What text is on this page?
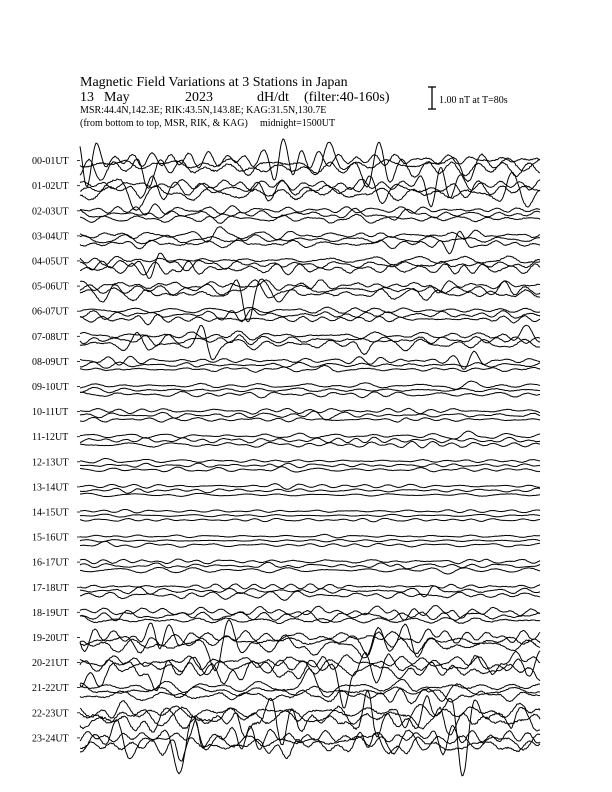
Magnetic Field Variations at 3 Stations in Japan
13 May	2023	dH/dt (filter:40-160s)
MSR:44.4N,142.3E; RIK:43.5N,143.8E; KAG:31.5N,130.7E
(from bottom to top, MSR, RIK, & KAG) midnight=1500UT
1.00 nT at T=80s
00-01UT
01-02UT
02-03UT
03-04UT
04-05UT
05-06UT
06-07UT
07-08UT
08-09UT
09-10UT
10-11UT
11-12UT
12-13UT
13-14UT
14-15UT
15-16UT
16-17UT
17-18UT
18-19UT
19-20UT
20-21UT
21-22UT
22-23UT
23-24UT
